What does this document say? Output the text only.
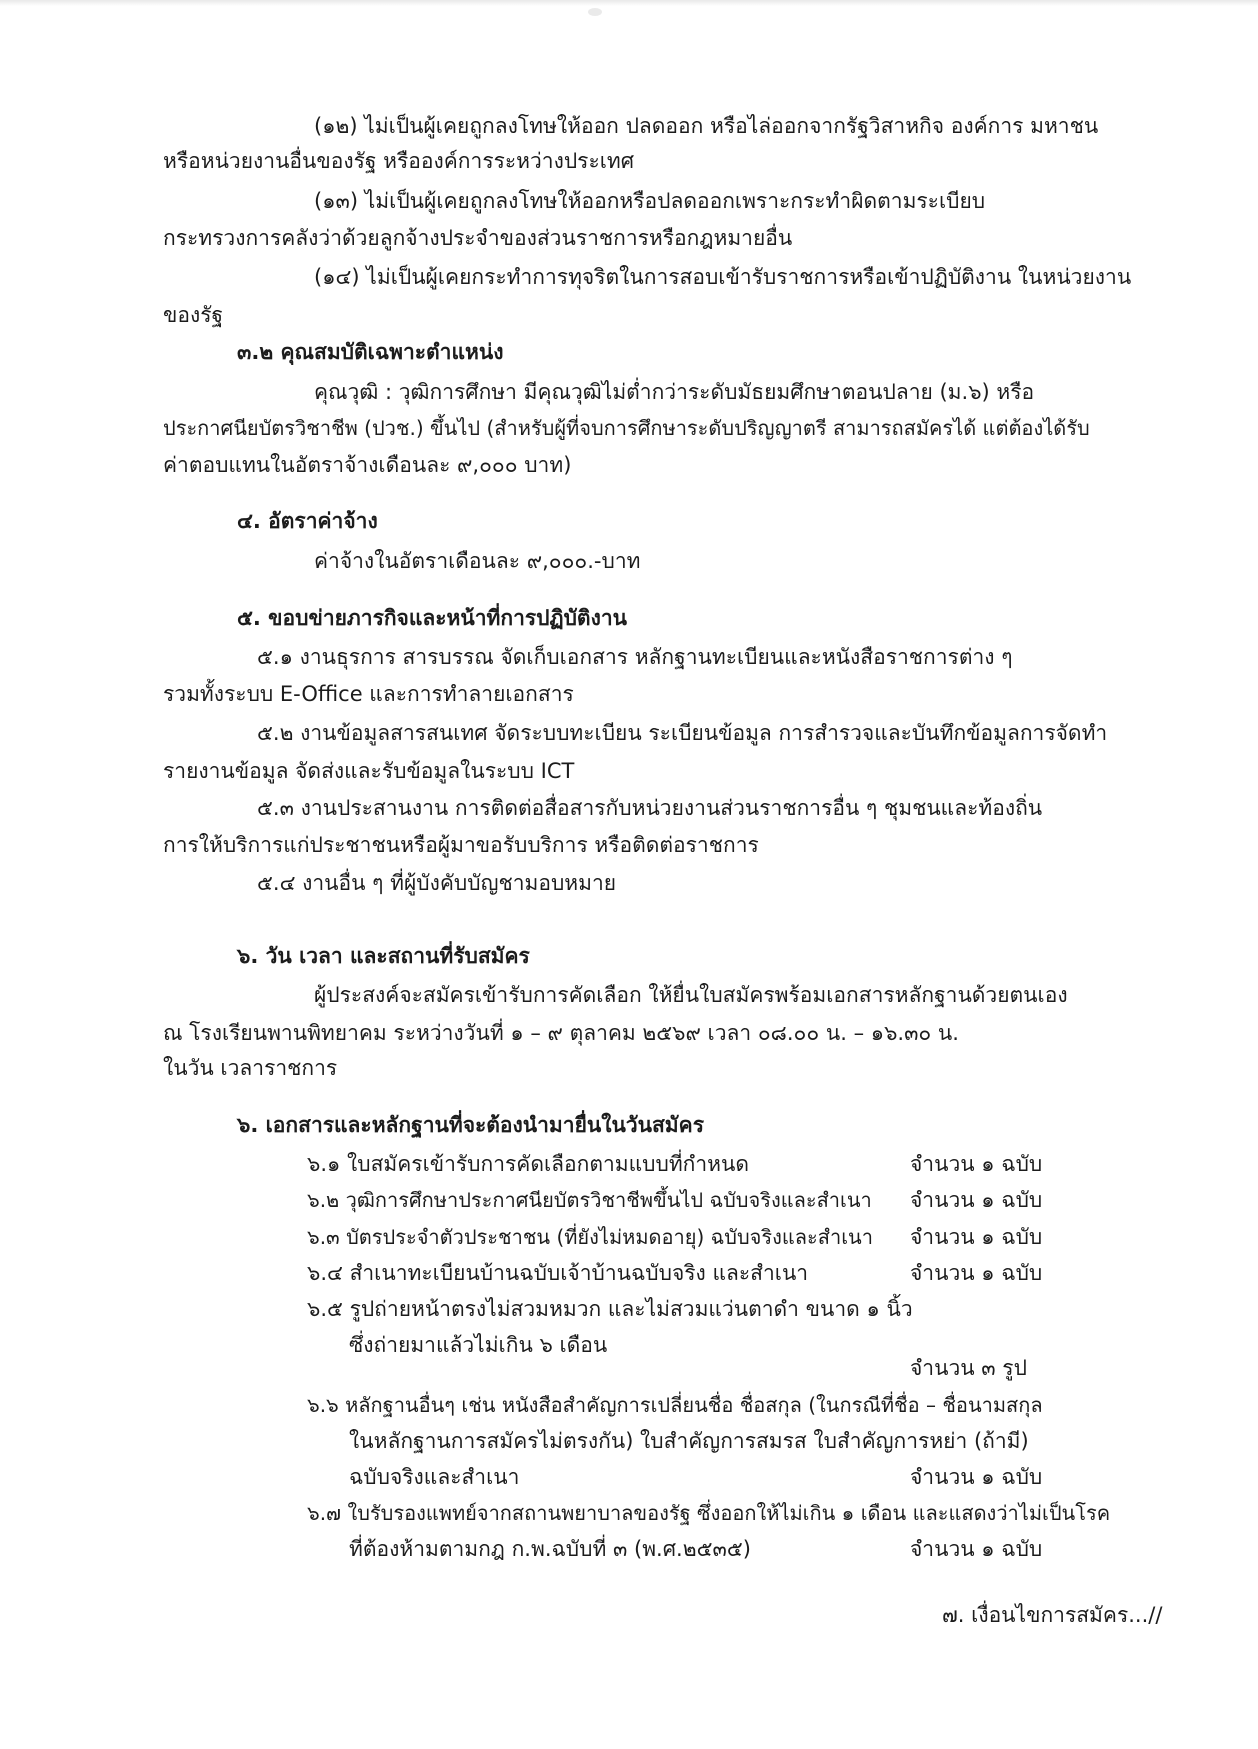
(๑๒) ไม่เป็นผู้เคยถูกลงโทษให้ออก ปลดออก หรือไล่ออกจากรัฐวิสาหกิจ องค์การ มหาชน
หรือหน่วยงานอื่นของรัฐ หรือองค์การระหว่างประเทศ
(๑๓) ไม่เป็นผู้เคยถูกลงโทษให้ออกหรือปลดออกเพราะกระทำผิดตามระเบียบ
กระทรวงการคลังว่าด้วยลูกจ้างประจำของส่วนราชการหรือกฎหมายอื่น
(๑๔) ไม่เป็นผู้เคยกระทำการทุจริตในการสอบเข้ารับราชการหรือเข้าปฏิบัติงาน ในหน่วยงาน
ของรัฐ
๓.๒ คุณสมบัติเฉพาะตำแหน่ง
คุณวุฒิ : วุฒิการศึกษา มีคุณวุฒิไม่ต่ำกว่าระดับมัธยมศึกษาตอนปลาย (ม.๖) หรือ
ประกาศนียบัตรวิชาชีพ (ปวช.) ขึ้นไป (สำหรับผู้ที่จบการศึกษาระดับปริญญาตรี สามารถสมัครได้ แต่ต้องได้รับ
ค่าตอบแทนในอัตราจ้างเดือนละ ๙,๐๐๐ บาท)
๔. อัตราค่าจ้าง
ค่าจ้างในอัตราเดือนละ ๙,๐๐๐.-บาท
๕. ขอบข่ายภารกิจและหน้าที่การปฏิบัติงาน
๕.๑ งานธุรการ สารบรรณ จัดเก็บเอกสาร หลักฐานทะเบียนและหนังสือราชการต่าง ๆ
รวมทั้งระบบ E-Office และการทำลายเอกสาร
๕.๒ งานข้อมูลสารสนเทศ จัดระบบทะเบียน ระเบียนข้อมูล การสำรวจและบันทึกข้อมูลการจัดทำ
รายงานข้อมูล จัดส่งและรับข้อมูลในระบบ ICT
๕.๓ งานประสานงาน การติดต่อสื่อสารกับหน่วยงานส่วนราชการอื่น ๆ ชุมชนและท้องถิ่น
การให้บริการแก่ประชาชนหรือผู้มาขอรับบริการ หรือติดต่อราชการ
๕.๔ งานอื่น ๆ ที่ผู้บังคับบัญชามอบหมาย
๖. วัน เวลา และสถานที่รับสมัคร
ผู้ประสงค์จะสมัครเข้ารับการคัดเลือก ให้ยื่นใบสมัครพร้อมเอกสารหลักฐานด้วยตนเอง
ณ โรงเรียนพานพิทยาคม ระหว่างวันที่ ๑ – ๙ ตุลาคม ๒๕๖๙ เวลา ๐๘.๐๐ น. – ๑๖.๓๐ น.
ในวัน เวลาราชการ
๖. เอกสารและหลักฐานที่จะต้องนำมายื่นในวันสมัคร
๖.๑ ใบสมัครเข้ารับการคัดเลือกตามแบบที่กำหนด	จำนวน ๑ ฉบับ
๖.๒ วุฒิการศึกษาประกาศนียบัตรวิชาชีพขึ้นไป ฉบับจริงและสำเนา จำนวน ๑ ฉบับ
๖.๓ บัตรประจำตัวประชาชน (ที่ยังไม่หมดอายุ) ฉบับจริงและสำเนา จำนวน ๑ ฉบับ
๖.๔ สำเนาทะเบียนบ้านฉบับเจ้าบ้านฉบับจริง และสำเนา	จำนวน ๑ ฉบับ
๖.๕ รูปถ่ายหน้าตรงไม่สวมหมวก และไม่สวมแว่นตาดำ ขนาด ๑ นิ้ว
ซึ่งถ่ายมาแล้วไม่เกิน ๖ เดือน
จำนวน ๓ รูป
๖.๖ หลักฐานอื่นๆ เช่น หนังสือสำคัญการเปลี่ยนชื่อ ชื่อสกุล (ในกรณีที่ชื่อ – ชื่อนามสกุล
ในหลักฐานการสมัครไม่ตรงกัน) ใบสำคัญการสมรส ใบสำคัญการหย่า (ถ้ามี)
ฉบับจริงและสำเนา	จำนวน ๑ ฉบับ
๖.๗ ใบรับรองแพทย์จากสถานพยาบาลของรัฐ ซึ่งออกให้ไม่เกิน ๑ เดือน และแสดงว่าไม่เป็นโรค
ที่ต้องห้ามตามกฎ ก.พ.ฉบับที่ ๓ (พ.ศ.๒๕๓๕)	จำนวน ๑ ฉบับ
๗. เงื่อนไขการสมัคร...//
